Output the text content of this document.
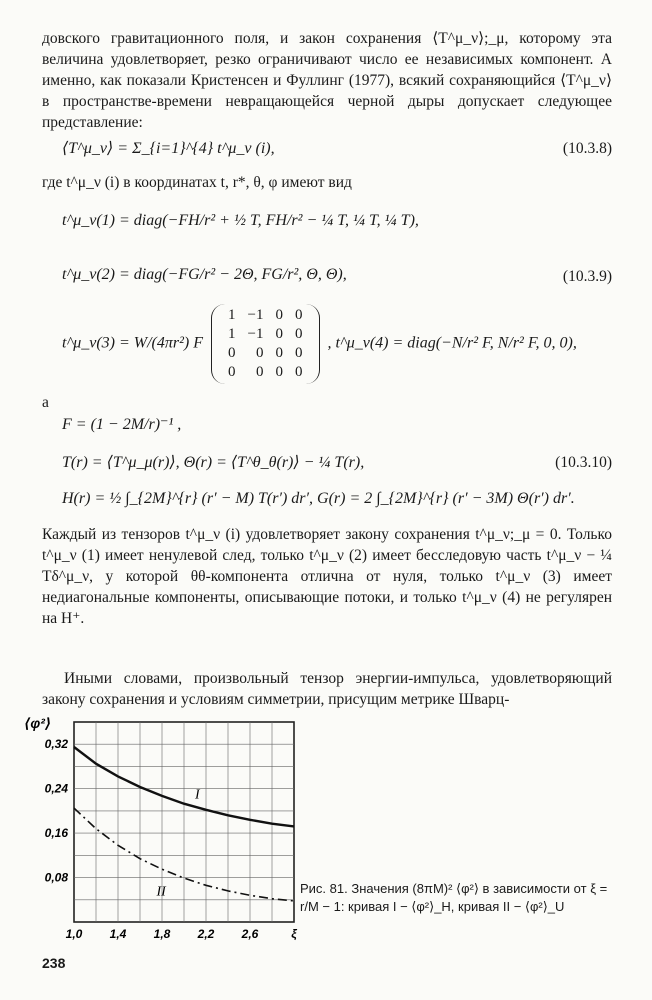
довского гравитационного поля, и закон сохранения ⟨T^μ_ν⟩;_μ, которому эта величина удовлетворяет, резко ограничивают число ее независимых компонент. А именно, как показали Кристенсен и Фуллинг (1977), всякий сохраняющийся ⟨T^μ_ν⟩ в пространстве-времени невращающейся черной дыры допускает следующее представление:

⟨T^μ_ν⟩ = Σ_{i=1}^{4} t^μ_ν (i),	(10.3.8)

где t^μ_ν (i) в координатах t, r*, θ, φ имеют вид

t^μ_ν(1) = diag(−FH/r² + ½ T, FH/r² − ¼ T, ¼ T, ¼ T),
t^μ_ν(2) = diag(−FG/r² − 2Θ, FG/r², Θ, Θ),	(10.3.9)
t^μ_ν(3) = W/(4πr²) F
1	−1	0	0
1	−1	0	0
0	0	0	0
0	0	0	0
, t^μ_ν(4) = diag(−N/r² F, N/r² F, 0, 0),

а

F = (1 − 2M/r)⁻¹ ,
T(r) = ⟨T^μ_μ(r)⟩, Θ(r) = ⟨T^θ_θ(r)⟩ − ¼ T(r),	(10.3.10)
H(r) = ½ ∫_{2M}^{r} (r′ − M) T(r′) dr′, G(r) = 2 ∫_{2M}^{r} (r′ − 3M) Θ(r′) dr′.

Каждый из тензоров t^μ_ν (i) удовлетворяет закону сохранения t^μ_ν;_μ = 0. Только t^μ_ν (1) имеет ненулевой след, только t^μ_ν (2) имеет бесследовую часть t^μ_ν − ¼ Tδ^μ_ν, у которой θθ-компонента отлична от нуля, только t^μ_ν (3) имеет недиагональные компоненты, описывающие потоки, и только t^μ_ν (4) не регулярен на H⁺.

Иными словами, произвольный тензор энергии-импульса, удовлетворяющий закону сохранения и условиям симметрии, присущим метрике Шварц-

I
II
0,32
0,24
0,16
0,08
1,0 1,4 1,8 2,2 2,6	ξ
⟨φ²⟩
Рис. 81. Значения (8πM)² ⟨φ²⟩ в зависимости от ξ = r/M − 1: кривая I − ⟨φ²⟩_H, кривая II − ⟨φ²⟩_U
238
